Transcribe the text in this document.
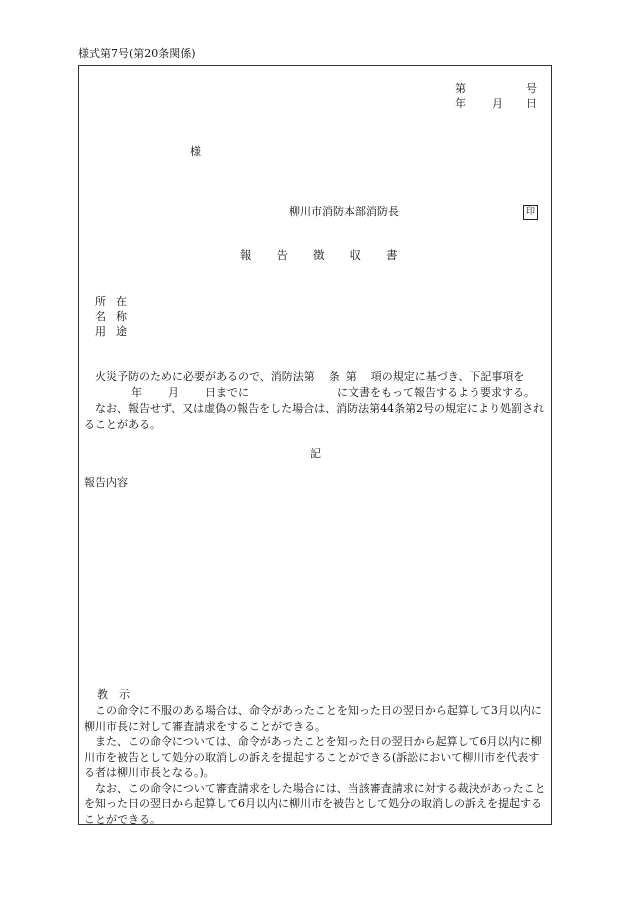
様式第7号(第20条関係)
第	号
年 月 日
様
柳川市消防本部消防長	印
報 告 徴 収 書
所 在
名 称
用 途
火災予防のために必要があるので、消防法第 条 第 項の規定に基づき、下記事項を
年 月 日までに	に文書をもって報告するよう要求する。

なお、報告せず、又は虚偽の報告をした場合は、消防法第44条第2号の規定により処罰されることがある。

記
報告内容
教 示

この命令に不服のある場合は、命令があったことを知った日の翌日から起算して3月以内に柳川市長に対して審査請求をすることができる。

また、この命令については、命令があったことを知った日の翌日から起算して6月以内に柳川市を被告として処分の取消しの訴えを提起することができる(訴訟において柳川市を代表する者は柳川市長となる。)。

なお、この命令について審査請求をした場合には、当該審査請求に対する裁決があったことを知った日の翌日から起算して6月以内に柳川市を被告として処分の取消しの訴えを提起することができる。
